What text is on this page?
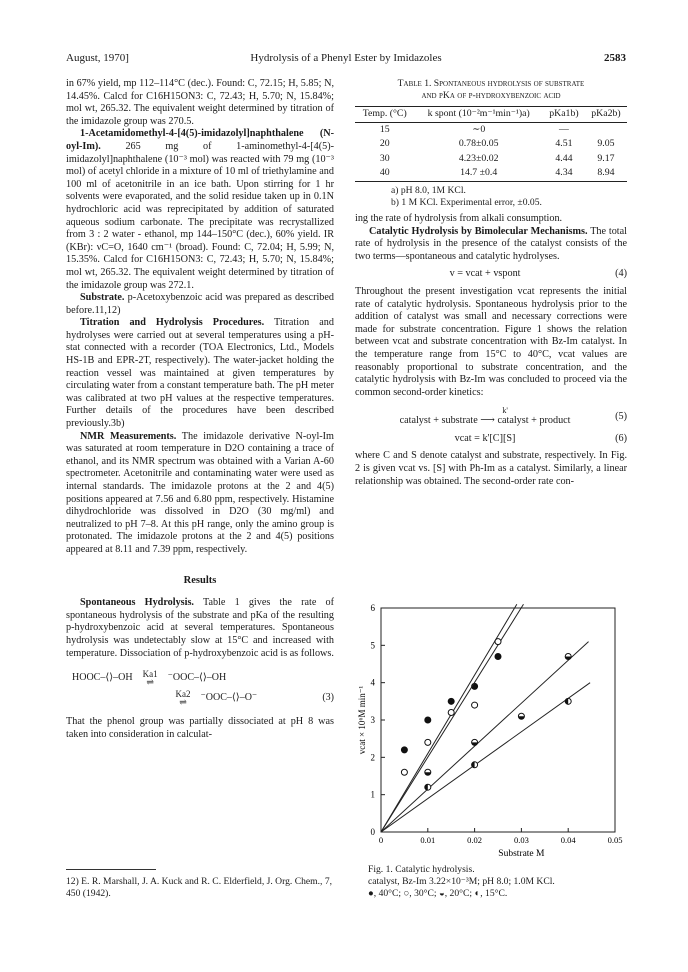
August, 1970]	Hydrolysis of a Phenyl Ester by Imidazoles	2583

in 67% yield, mp 112–114°C (dec.). Found: C, 72.15; H, 5.85; N, 14.45%. Calcd for C16H15ON3: C, 72.43; H, 5.70; N, 15.84%; mol wt, 265.32. The equivalent weight determined by titration of the imidazole group was 270.5.

1-Acetamidomethyl-4-[4(5)-imidazolyl]naphthalene (N-oyl-Im). 265 mg of 1-aminomethyl-4-[4(5)-imidazolyl]naphthalene (10⁻³ mol) was reacted with 79 mg (10⁻³ mol) of acetyl chloride in a mixture of 10 ml of triethylamine and 100 ml of acetonitrile in an ice bath. Upon stirring for 1 hr solvents were evaporated, and the solid residue taken up in 0.1N hydrochloric acid was reprecipitated by addition of saturated aqueous sodium carbonate. The precipitate was recrystallized from 3 : 2 water - ethanol, mp 144–150°C (dec.), 60% yield. IR (KBr): νC=O, 1640 cm⁻¹ (broad). Found: C, 72.04; H, 5.99; N, 15.35%. Calcd for C16H15ON3: C, 72.43; H, 5.70; N, 15.84%; mol wt, 265.32. The equivalent weight determined by titration of the imidazole group was 272.1.

Substrate. p-Acetoxybenzoic acid was prepared as described before.11,12)

Titration and Hydrolysis Procedures. Titration and hydrolyses were carried out at several temperatures using a pH-stat connected with a recorder (TOA Electronics, Ltd., Models HS-1B and EPR-2T, respectively). The water-jacket holding the reaction vessel was maintained at given temperatures by circulating water from a constant temperature bath. The pH meter was calibrated at two pH values at the respective temperatures. Further details of the procedures have been described previously.3b)

NMR Measurements. The imidazole derivative N-oyl-Im was saturated at room temperature in D2O containing a trace of ethanol, and its NMR spectrum was obtained with a Varian A-60 spectrometer. Acetonitrile and contaminating water were used as internal standards. The imidazole protons at the 2 and 4(5) positions appeared at 7.56 and 6.80 ppm, respectively. Histamine dihydrochloride was dissolved in D2O (30 mg/ml) and neutralized to pH 7–8. At this pH range, only the amino group is protonated. The imidazole protons at the 2 and 4(5) positions appeared at 8.11 and 7.39 ppm, respectively.

Results

Spontaneous Hydrolysis. Table 1 gives the rate of spontaneous hydrolysis of the substrate and pKa of the resulting p-hydroxybenzoic acid at several temperatures. Spontaneous hydrolysis was undetectably slow at 15°C and increased with temperature. Dissociation of p-hydroxybenzoic acid is as follows.

HOOC–⟨⟩–OH Ka1
⇌ ⁻OOC–⟨⟩–OH
Ka2
⇌ ⁻OOC–⟨⟩–O⁻	(3)

That the phenol group was partially dissociated at pH 8 was taken into consideration in calculat-

12) E. R. Marshall, J. A. Kuck and R. C. Elderfield, J. Org. Chem., 7, 450 (1942).
Table 1. Spontaneous hydrolysis of substrate
and pKa of p-hydroxybenzoic acid
Temp. (°C)	k spont (10⁻²m⁻¹min⁻¹)a)	pKa1b)	pKa2b)
15	∼0	—	
20	0.78±0.05	4.51	9.05
30	4.23±0.02	4.44	9.17
40	14.7 ±0.4	4.34	8.94
a) pH 8.0, 1M KCl.
b) 1 M KCl. Experimental error, ±0.05.

ing the rate of hydrolysis from alkali consumption.

Catalytic Hydrolysis by Bimolecular Mechanisms. The total rate of hydrolysis in the presence of the catalyst consists of the two terms—spontaneous and catalytic hydrolyses.

v = vcat + vspont	(4)

Throughout the present investigation vcat represents the initial rate of catalytic hydrolysis. Spontaneous hydrolysis prior to the addition of catalyst was small and necessary corrections were made for substrate concentration. Figure 1 shows the relation between vcat and substrate concentration with Bz-Im catalyst. In the temperature range from 15°C to 40°C, vcat values are reasonably proportional to substrate concentration, and the catalytic hydrolysis with Bz-Im was concluded to proceed via the common second-order kinetics:

k'
catalyst + substrate ⟶ catalyst + product	(5)
vcat = k'[C][S]	(6)

where C and S denote catalyst and substrate, respectively. In Fig. 2 is given vcat vs. [S] with Ph-Im as a catalyst. Similarly, a linear relationship was obtained. The second-order rate con-

0
1
2
3
4
5
6
0	0.01	0.02	0.03	0.04	0.05
Substrate M
vcat × 10⁶M min⁻¹
Fig. 1. Catalytic hydrolysis.
catalyst, Bz-Im 3.22×10⁻³M; pH 8.0; 1.0M KCl.
●, 40°C; ○, 30°C; ◒, 20°C; ◐, 15°C.
